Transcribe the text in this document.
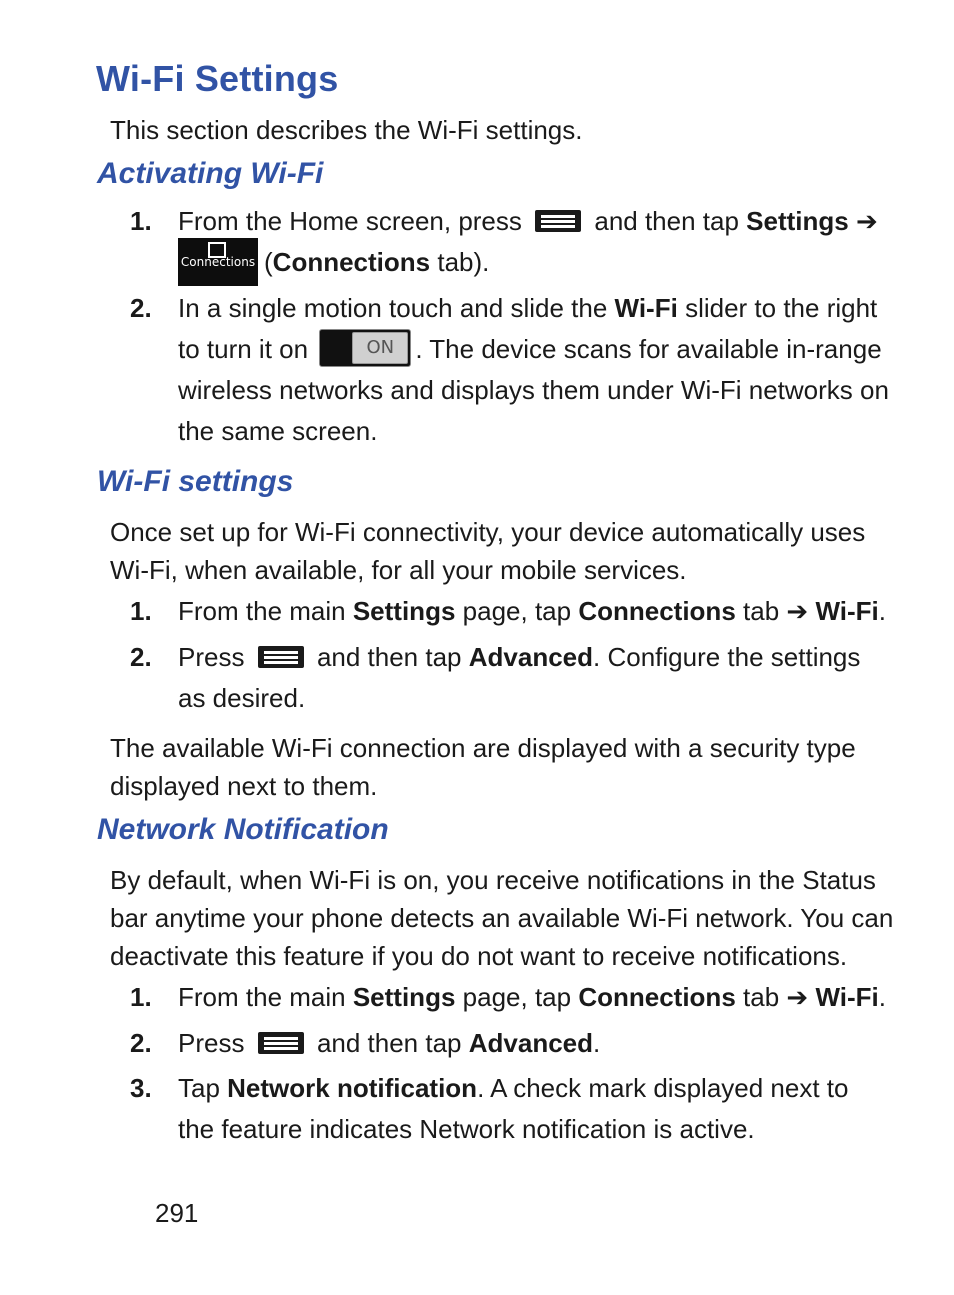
Wi-Fi Settings

This section describes the Wi-Fi settings.

Activating Wi-Fi
1.	From the Home screen, press	and then tap Settings ➔

Connections (Connections tab).
2.	In a single motion touch and slide the Wi-Fi slider to the right to turn it on	ON . The device scans for available in-range wireless networks and displays them under Wi-Fi networks on the same screen.
Wi-Fi settings

Once set up for Wi-Fi connectivity, your device automatically uses Wi-Fi, when available, for all your mobile services.

1.	From the main Settings page, tap Connections tab ➔ Wi-Fi.
2.	Press	and then tap Advanced. Configure the settings as desired.

The available Wi-Fi connection are displayed with a security type displayed next to them.

Network Notification

By default, when Wi-Fi is on, you receive notifications in the Status bar anytime your phone detects an available Wi-Fi network. You can deactivate this feature if you do not want to receive notifications.

1.	From the main Settings page, tap Connections tab ➔ Wi-Fi.
2.	Press	and then tap Advanced.
3.	Tap Network notification. A check mark displayed next to the feature indicates Network notification is active.
291
